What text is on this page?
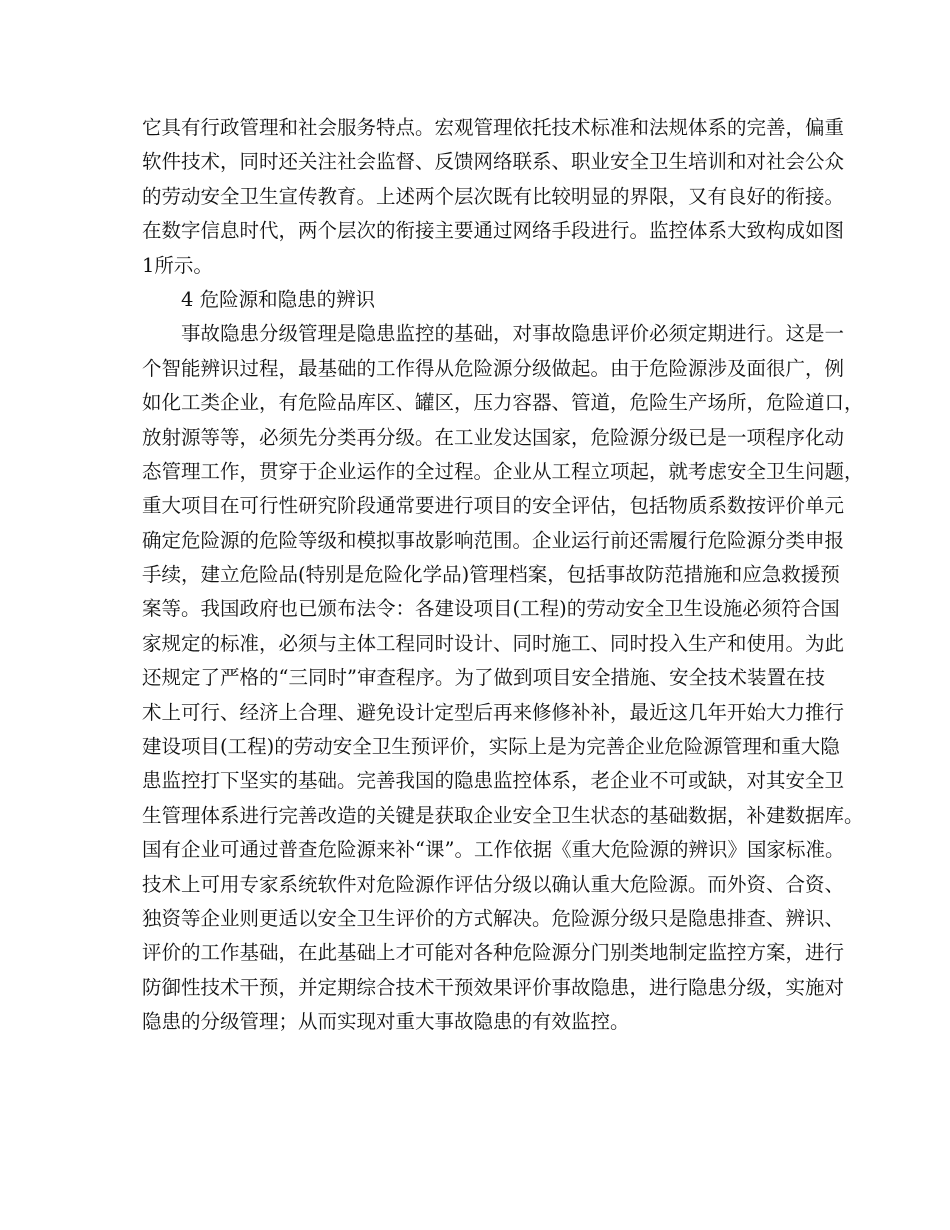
它具有行政管理和社会服务特点。宏观管理依托技术标准和法规体系的完善，偏重
软件技术，同时还关注社会监督、反馈网络联系、职业安全卫生培训和对社会公众
的劳动安全卫生宣传教育。上述两个层次既有比较明显的界限，又有良好的衔接。
在数字信息时代，两个层次的衔接主要通过网络手段进行。监控体系大致构成如图
1所示。
4 危险源和隐患的辨识
事故隐患分级管理是隐患监控的基础，对事故隐患评价必须定期进行。这是一
个智能辨识过程，最基础的工作得从危险源分级做起。由于危险源涉及面很广，例
如化工类企业，有危险品库区、罐区，压力容器、管道，危险生产场所，危险道口，
放射源等等，必须先分类再分级。在工业发达国家，危险源分级已是一项程序化动
态管理工作，贯穿于企业运作的全过程。企业从工程立项起，就考虑安全卫生问题，
重大项目在可行性研究阶段通常要进行项目的安全评估，包括物质系数按评价单元
确定危险源的危险等级和模拟事故影响范围。企业运行前还需履行危险源分类申报
手续，建立危险品(特别是危险化学品)管理档案，包括事故防范措施和应急救援预
案等。我国政府也已颁布法令：各建设项目(工程)的劳动安全卫生设施必须符合国
家规定的标准，必须与主体工程同时设计、同时施工、同时投入生产和使用。为此
还规定了严格的“三同时”审查程序。为了做到项目安全措施、安全技术装置在技
术上可行、经济上合理、避免设计定型后再来修修补补，最近这几年开始大力推行
建设项目(工程)的劳动安全卫生预评价，实际上是为完善企业危险源管理和重大隐
患监控打下坚实的基础。完善我国的隐患监控体系，老企业不可或缺，对其安全卫
生管理体系进行完善改造的关键是获取企业安全卫生状态的基础数据，补建数据库。
国有企业可通过普查危险源来补“课”。工作依据《重大危险源的辨识》国家标准。
技术上可用专家系统软件对危险源作评估分级以确认重大危险源。而外资、合资、
独资等企业则更适以安全卫生评价的方式解决。危险源分级只是隐患排查、辨识、
评价的工作基础，在此基础上才可能对各种危险源分门别类地制定监控方案，进行
防御性技术干预，并定期综合技术干预效果评价事故隐患，进行隐患分级，实施对
隐患的分级管理；从而实现对重大事故隐患的有效监控。
